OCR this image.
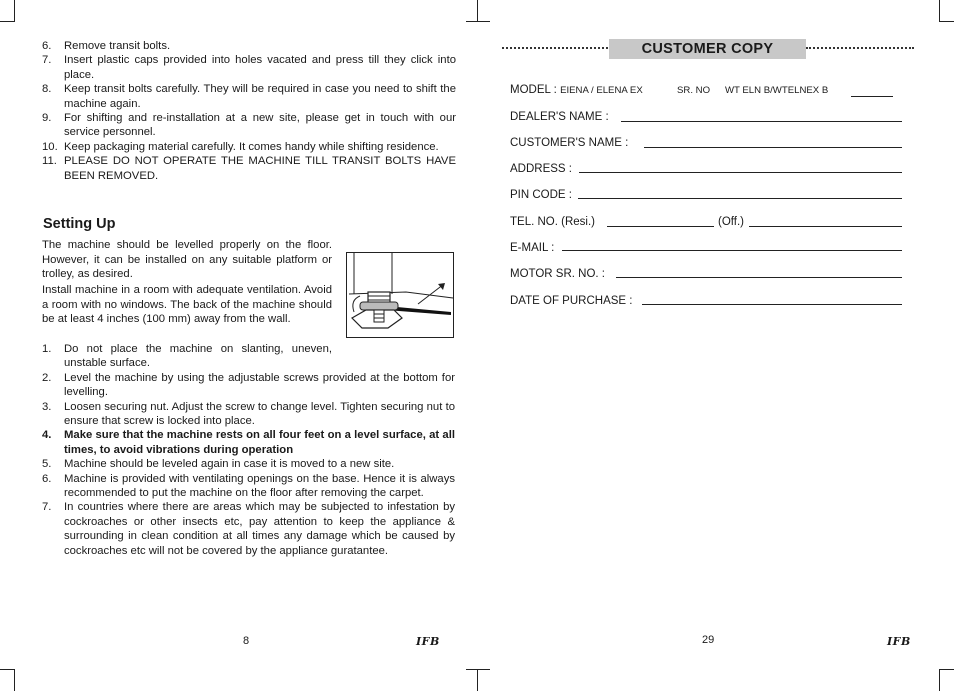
6. Remove transit bolts.
7. Insert plastic caps provided into holes vacated and press till they click into place.
8. Keep transit bolts carefully. They will be required in case you need to shift the machine again.
9. For shifting and re-installation at a new site, please get in touch with our service personnel.
10. Keep packaging material carefully. It comes handy while shifting residence.
11. PLEASE DO NOT OPERATE THE MACHINE TILL TRANSIT BOLTS HAVE BEEN REMOVED.
Setting Up
The machine should be levelled properly on the floor. However, it can be installed on any suitable platform or trolley, as desired.
Install machine in a room with adequate ventilation. Avoid a room with no windows. The back of the machine should be at least 4 inches (100 mm) away from the wall.
1. Do not place the machine on slanting, uneven, unstable surface.
2. Level the machine by using the adjustable screws provided at the bottom for levelling.
3. Loosen securing nut. Adjust the screw to change level. Tighten securing nut to ensure that screw is locked into place.
4. Make sure that the machine rests on all four feet on a level surface, at all times, to avoid vibrations during operation
5. Machine should be leveled again in case it is moved to a new site.
6. Machine is provided with ventilating openings on the base. Hence it is always recommended to put the machine on the floor after removing the carpet.
7. In countries where there are areas which may be subjected to infestation by cockroaches or other insects etc, pay attention to keep the appliance & surrounding in clean condition at all times any damage which be caused by cockroaches etc will not be covered by the appliance guratantee.
8	IFB
CUSTOMER COPY
MODEL : EIENA / ELENA EX	SR. NO WT ELN B/WTELNEX B
DEALER'S NAME :
CUSTOMER'S NAME :
ADDRESS :
PIN CODE :
TEL. NO. (Resi.)	(Off.)
E-MAIL :
MOTOR SR. NO. :
DATE OF PURCHASE :
29	IFB
